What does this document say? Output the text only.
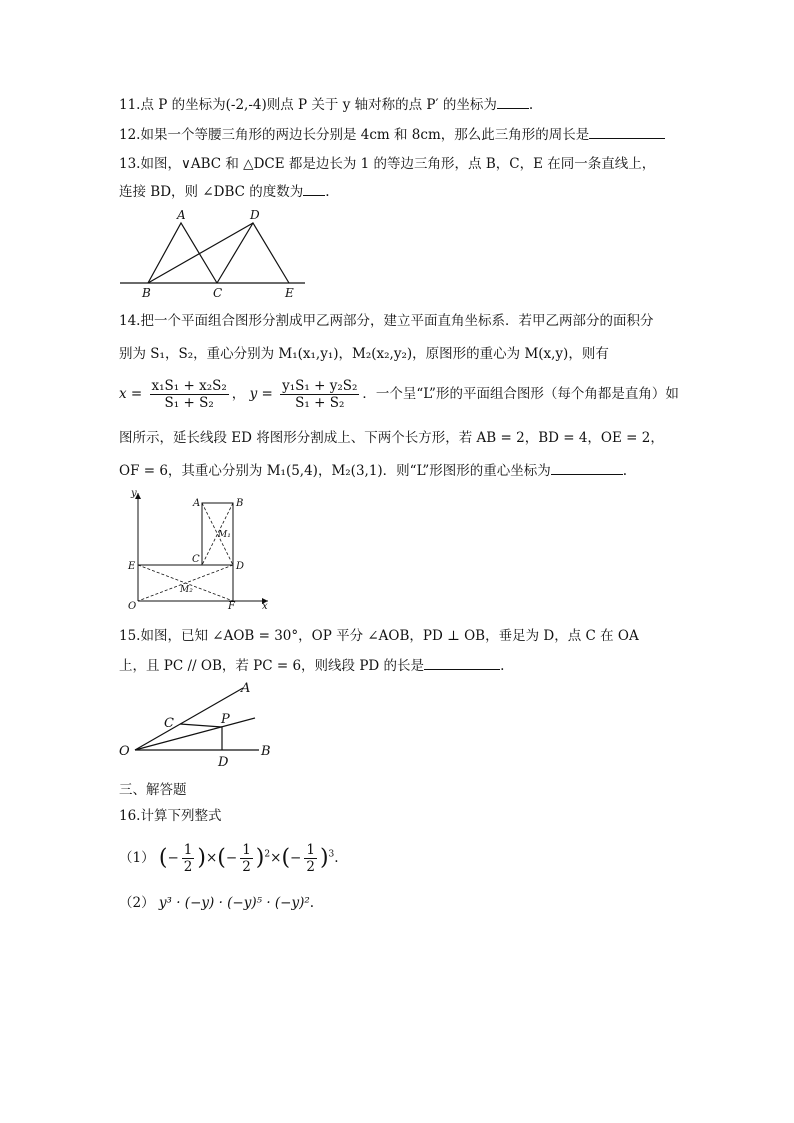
11.点 P 的坐标为(-2,-4)则点 P 关于 y 轴对称的点 P′ 的坐标为 .
12.如果一个等腰三角形的两边长分别是 4cm 和 8cm，那么此三角形的周长是
13.如图，∨ABC 和 △DCE 都是边长为 1 的等边三角形，点 B，C，E 在同一条直线上，
连接 BD，则 ∠DBC 的度数为 .
A	D
B	C	E
14.把一个平面组合图形分割成甲乙两部分，建立平面直角坐标系．若甲乙两部分的面积分
别为 S₁，S₂，重心分别为 M₁(x₁,y₁)，M₂(x₂,y₂)，原图形的重心为 M(x,y)，则有
$x = \frac{\text{x₁S₁ + x₂S₂}}{\text{S₁ + S₂}}$ ， $y = \frac{\text{y₁S₁ + y₂S₂}}{\text{S₁ + S₂}}$ ．一个呈“L”形的平面组合图形（每个角都是直角）如
图所示，延长线段 ED 将图形分割成上、下两个长方形，若 AB = 2，BD = 4，OE = 2，
OF = 6，其重心分别为 M₁(5,4)，M₂(3,1)．则“L”形图形的重心坐标为	.
y
x
A	B
C
E	D
O	F
M₁
M₂
15.如图，已知 ∠AOB = 30°，OP 平分 ∠AOB，PD ⊥ OB，垂足为 D，点 C 在 OA
上，且 PC // OB，若 PC = 6，则线段 PD 的长是	.
A
C	P
O
D
B
三、解答题
16.计算下列整式
（1） (− $\frac{1}{2}$ )×(− $\frac{1}{2} )^2\times(- \frac{1}{2} )^3$.
（2） y³ · (−y) · (−y)⁵ · (−y)².
